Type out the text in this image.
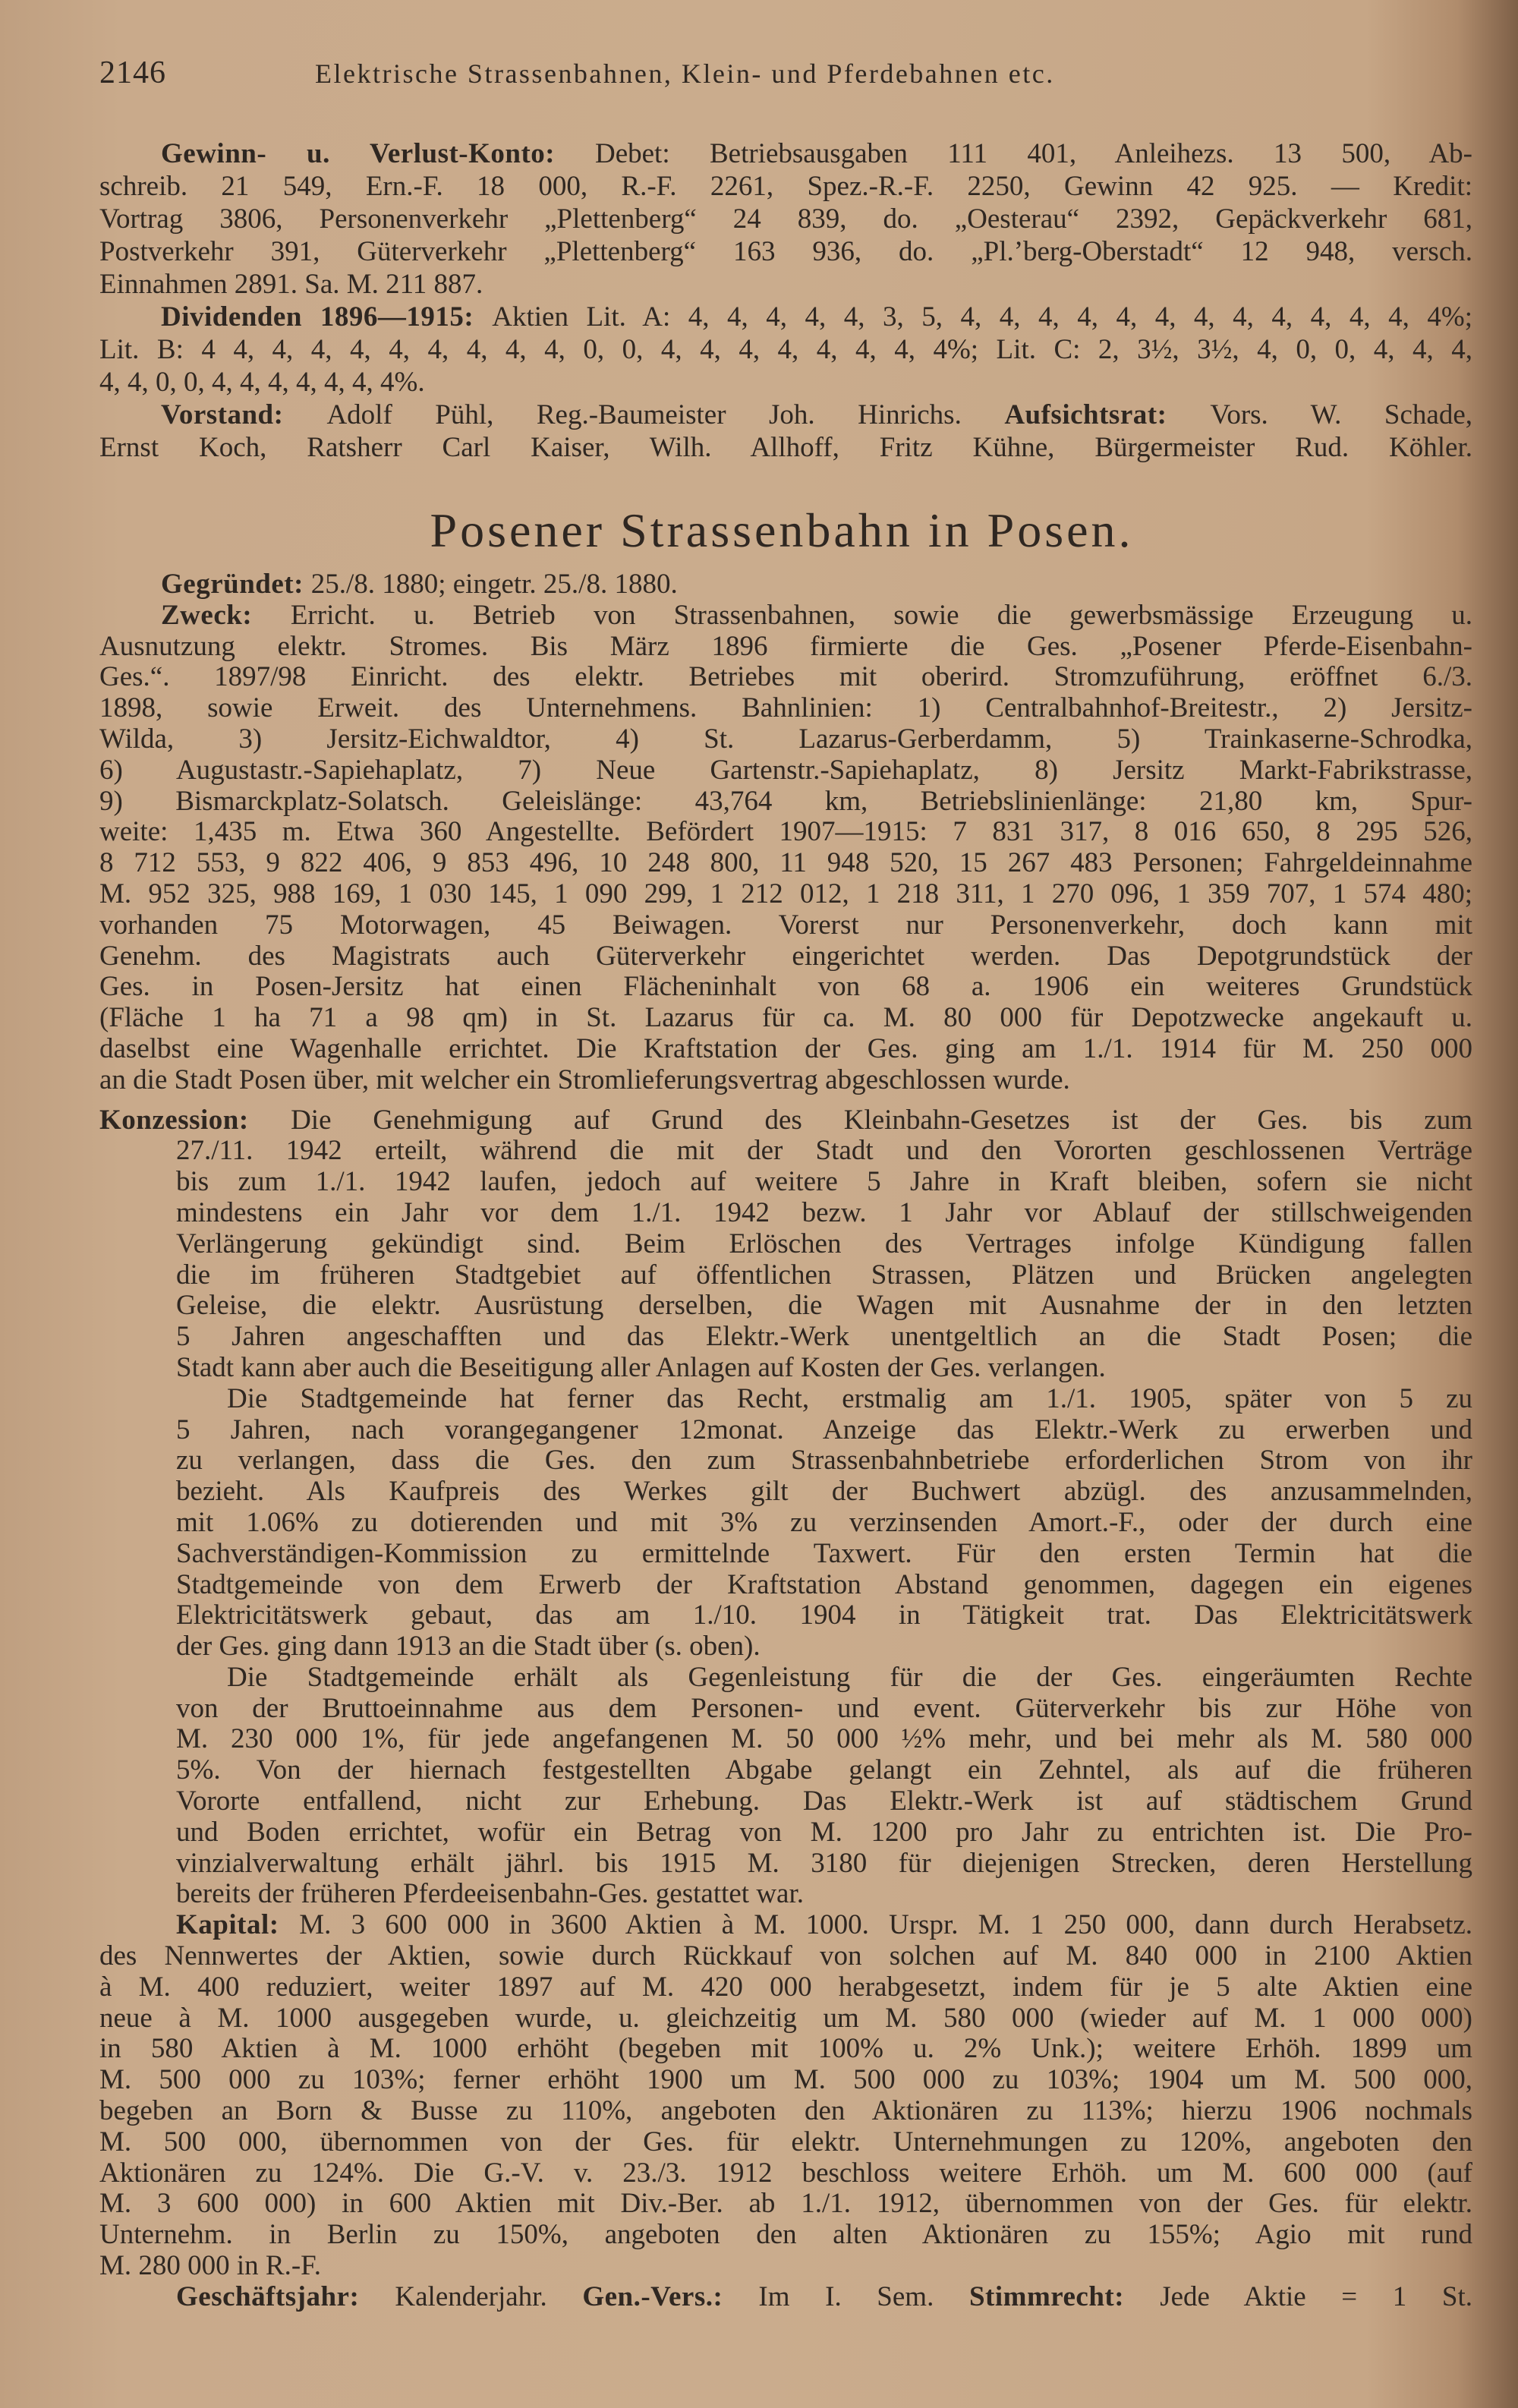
2146	Elektrische Strassenbahnen, Klein- und Pferdebahnen etc.
Gewinn- u. Verlust-Konto: Debet: Betriebsausgaben 111 401, Anleihezs. 13 500, Ab-
schreib. 21 549, Ern.-F. 18 000, R.-F. 2261, Spez.-R.-F. 2250, Gewinn 42 925. — Kredit:
Vortrag 3806, Personenverkehr „Plettenberg“ 24 839, do. „Oesterau“ 2392, Gepäckverkehr 681,
Postverkehr 391, Güterverkehr „Plettenberg“ 163 936, do. „Pl.’berg-Oberstadt“ 12 948, versch.
Einnahmen 2891. Sa. M. 211 887.
Dividenden 1896—1915: Aktien Lit. A: 4, 4, 4, 4, 4, 3, 5, 4, 4, 4, 4, 4, 4, 4, 4, 4, 4, 4, 4, 4%;
Lit. B: 4 4, 4, 4, 4, 4, 4, 4, 4, 4, 0, 0, 4, 4, 4, 4, 4, 4, 4, 4%; Lit. C: 2, 3½, 3½, 4, 0, 0, 4, 4, 4,
4, 4, 0, 0, 4, 4, 4, 4, 4, 4, 4%.
Vorstand: Adolf Pühl, Reg.-Baumeister Joh. Hinrichs. Aufsichtsrat: Vors. W. Schade,
Ernst Koch, Ratsherr Carl Kaiser, Wilh. Allhoff, Fritz Kühne, Bürgermeister Rud. Köhler.
Posener Strassenbahn in Posen.
Gegründet: 25./8. 1880; eingetr. 25./8. 1880.
Zweck: Erricht. u. Betrieb von Strassenbahnen, sowie die gewerbsmässige Erzeugung u.
Ausnutzung elektr. Stromes. Bis März 1896 firmierte die Ges. „Posener Pferde-Eisenbahn-
Ges.“. 1897/98 Einricht. des elektr. Betriebes mit oberird. Stromzuführung, eröffnet 6./3.
1898, sowie Erweit. des Unternehmens. Bahnlinien: 1) Centralbahnhof-Breitestr., 2) Jersitz-
Wilda, 3) Jersitz-Eichwaldtor, 4) St. Lazarus-Gerberdamm, 5) Trainkaserne-Schrodka,
6) Augustastr.-Sapiehaplatz, 7) Neue Gartenstr.-Sapiehaplatz, 8) Jersitz Markt-Fabrikstrasse,
9) Bismarckplatz-Solatsch. Geleislänge: 43,764 km, Betriebslinienlänge: 21,80 km, Spur-
weite: 1,435 m. Etwa 360 Angestellte. Befördert 1907—1915: 7 831 317, 8 016 650, 8 295 526,
8 712 553, 9 822 406, 9 853 496, 10 248 800, 11 948 520, 15 267 483 Personen; Fahrgeldeinnahme
M. 952 325, 988 169, 1 030 145, 1 090 299, 1 212 012, 1 218 311, 1 270 096, 1 359 707, 1 574 480;
vorhanden 75 Motorwagen, 45 Beiwagen. Vorerst nur Personenverkehr, doch kann mit
Genehm. des Magistrats auch Güterverkehr eingerichtet werden. Das Depotgrundstück der
Ges. in Posen-Jersitz hat einen Flächeninhalt von 68 a. 1906 ein weiteres Grundstück
(Fläche 1 ha 71 a 98 qm) in St. Lazarus für ca. M. 80 000 für Depotzwecke angekauft u.
daselbst eine Wagenhalle errichtet. Die Kraftstation der Ges. ging am 1./1. 1914 für M. 250 000
an die Stadt Posen über, mit welcher ein Stromlieferungsvertrag abgeschlossen wurde.
Konzession: Die Genehmigung auf Grund des Kleinbahn-Gesetzes ist der Ges. bis zum
27./11. 1942 erteilt, während die mit der Stadt und den Vororten geschlossenen Verträge
bis zum 1./1. 1942 laufen, jedoch auf weitere 5 Jahre in Kraft bleiben, sofern sie nicht
mindestens ein Jahr vor dem 1./1. 1942 bezw. 1 Jahr vor Ablauf der stillschweigenden
Verlängerung gekündigt sind. Beim Erlöschen des Vertrages infolge Kündigung fallen
die im früheren Stadtgebiet auf öffentlichen Strassen, Plätzen und Brücken angelegten
Geleise, die elektr. Ausrüstung derselben, die Wagen mit Ausnahme der in den letzten
5 Jahren angeschafften und das Elektr.-Werk unentgeltlich an die Stadt Posen; die
Stadt kann aber auch die Beseitigung aller Anlagen auf Kosten der Ges. verlangen.
Die Stadtgemeinde hat ferner das Recht, erstmalig am 1./1. 1905, später von 5 zu
5 Jahren, nach vorangegangener 12monat. Anzeige das Elektr.-Werk zu erwerben und
zu verlangen, dass die Ges. den zum Strassenbahnbetriebe erforderlichen Strom von ihr
bezieht. Als Kaufpreis des Werkes gilt der Buchwert abzügl. des anzusammelnden,
mit 1.06% zu dotierenden und mit 3% zu verzinsenden Amort.-F., oder der durch eine
Sachverständigen-Kommission zu ermittelnde Taxwert. Für den ersten Termin hat die
Stadtgemeinde von dem Erwerb der Kraftstation Abstand genommen, dagegen ein eigenes
Elektricitätswerk gebaut, das am 1./10. 1904 in Tätigkeit trat. Das Elektricitätswerk
der Ges. ging dann 1913 an die Stadt über (s. oben).
Die Stadtgemeinde erhält als Gegenleistung für die der Ges. eingeräumten Rechte
von der Bruttoeinnahme aus dem Personen- und event. Güterverkehr bis zur Höhe von
M. 230 000 1%, für jede angefangenen M. 50 000 ½% mehr, und bei mehr als M. 580 000
5%. Von der hiernach festgestellten Abgabe gelangt ein Zehntel, als auf die früheren
Vororte entfallend, nicht zur Erhebung. Das Elektr.-Werk ist auf städtischem Grund
und Boden errichtet, wofür ein Betrag von M. 1200 pro Jahr zu entrichten ist. Die Pro-
vinzialverwaltung erhält jährl. bis 1915 M. 3180 für diejenigen Strecken, deren Herstellung
bereits der früheren Pferdeeisenbahn-Ges. gestattet war.
Kapital: M. 3 600 000 in 3600 Aktien à M. 1000. Urspr. M. 1 250 000, dann durch Herabsetz.
des Nennwertes der Aktien, sowie durch Rückkauf von solchen auf M. 840 000 in 2100 Aktien
à M. 400 reduziert, weiter 1897 auf M. 420 000 herabgesetzt, indem für je 5 alte Aktien eine
neue à M. 1000 ausgegeben wurde, u. gleichzeitig um M. 580 000 (wieder auf M. 1 000 000)
in 580 Aktien à M. 1000 erhöht (begeben mit 100% u. 2% Unk.); weitere Erhöh. 1899 um
M. 500 000 zu 103%; ferner erhöht 1900 um M. 500 000 zu 103%; 1904 um M. 500 000,
begeben an Born & Busse zu 110%, angeboten den Aktionären zu 113%; hierzu 1906 nochmals
M. 500 000, übernommen von der Ges. für elektr. Unternehmungen zu 120%, angeboten den
Aktionären zu 124%. Die G.-V. v. 23./3. 1912 beschloss weitere Erhöh. um M. 600 000 (auf
M. 3 600 000) in 600 Aktien mit Div.-Ber. ab 1./1. 1912, übernommen von der Ges. für elektr.
Unternehm. in Berlin zu 150%, angeboten den alten Aktionären zu 155%; Agio mit rund
M. 280 000 in R.-F.
Geschäftsjahr: Kalenderjahr. Gen.-Vers.: Im I. Sem. Stimmrecht: Jede Aktie = 1 St.
